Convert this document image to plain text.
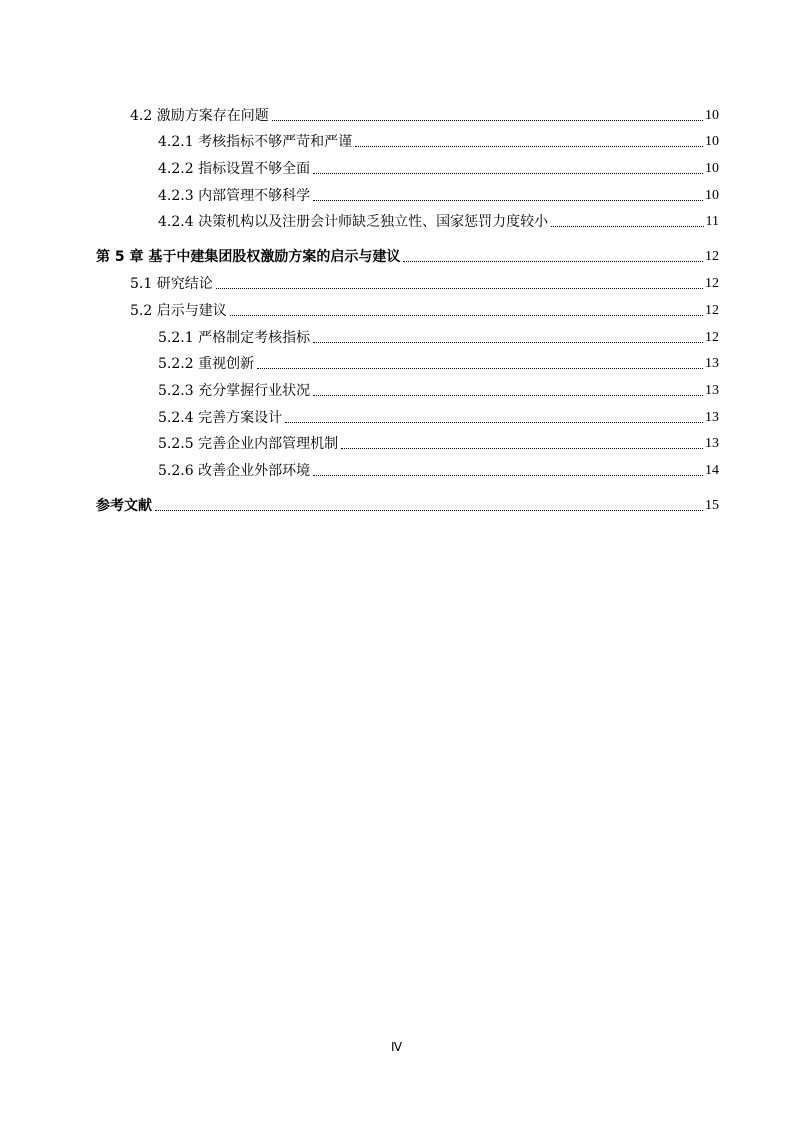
4.2 激励方案存在问题	10
4.2.1 考核指标不够严苛和严谨	10
4.2.2 指标设置不够全面	10
4.2.3 内部管理不够科学	10
4.2.4 决策机构以及注册会计师缺乏独立性、国家惩罚力度较小	11
第 5 章 基于中建集团股权激励方案的启示与建议	12
5.1 研究结论	12
5.2 启示与建议	12
5.2.1 严格制定考核指标	12
5.2.2 重视创新	13
5.2.3 充分掌握行业状况	13
5.2.4 完善方案设计	13
5.2.5 完善企业内部管理机制	13
5.2.6 改善企业外部环境	14
参考文献	15
Ⅳ
